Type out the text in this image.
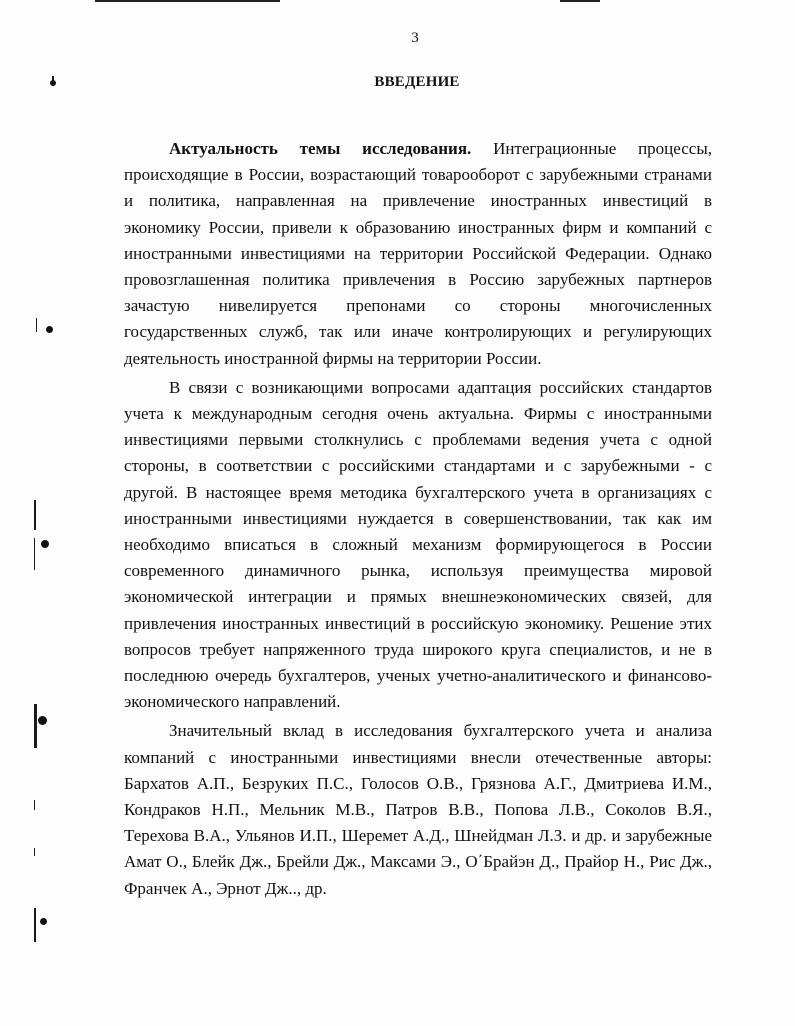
3
ВВЕДЕНИЕ

Актуальность темы исследования. Интеграционные процессы, происходящие в России, возрастающий товарооборот с зарубежными странами и политика, направленная на привлечение иностранных инвестиций в экономику России, привели к образованию иностранных фирм и компаний с иностранными инвестициями на территории Российской Федерации. Однако провозглашенная политика привлечения в Россию зарубежных партнеров зачастую нивелируется препонами со стороны многочисленных государственных служб, так или иначе контролирующих и регулирующих деятельность иностранной фирмы на территории России.

В связи с возникающими вопросами адаптация российских стандартов учета к международным сегодня очень актуальна. Фирмы с иностранными инвестициями первыми столкнулись с проблемами ведения учета с одной стороны, в соответствии с российскими стандартами и с зарубежными - с другой. В настоящее время методика бухгалтерского учета в организациях с иностранными инвестициями нуждается в совершенствовании, так как им необходимо вписаться в сложный механизм формирующегося в России современного динамичного рынка, используя преимущества мировой экономической интеграции и прямых внешнеэкономических связей, для привлечения иностранных инвестиций в российскую экономику. Решение этих вопросов требует напряженного труда широкого круга специалистов, и не в последнюю очередь бухгалтеров, ученых учетно-аналитического и финансово-экономического направлений.

Значительный вклад в исследования бухгалтерского учета и анализа компаний с иностранными инвестициями внесли отечественные авторы: Бархатов А.П., Безруких П.С., Голосов О.В., Грязнова А.Г., Дмитриева И.М., Кондраков Н.П., Мельник М.В., Патров В.В., Попова Л.В., Соколов В.Я., Терехова В.А., Ульянов И.П., Шеремет А.Д., Шнейдман Л.З. и др. и зарубежные Амат О., Блейк Дж., Брейли Дж., Максами Э., О΄Брайэн Д., Прайор Н., Рис Дж., Франчек А., Эрнот Дж.., др.
